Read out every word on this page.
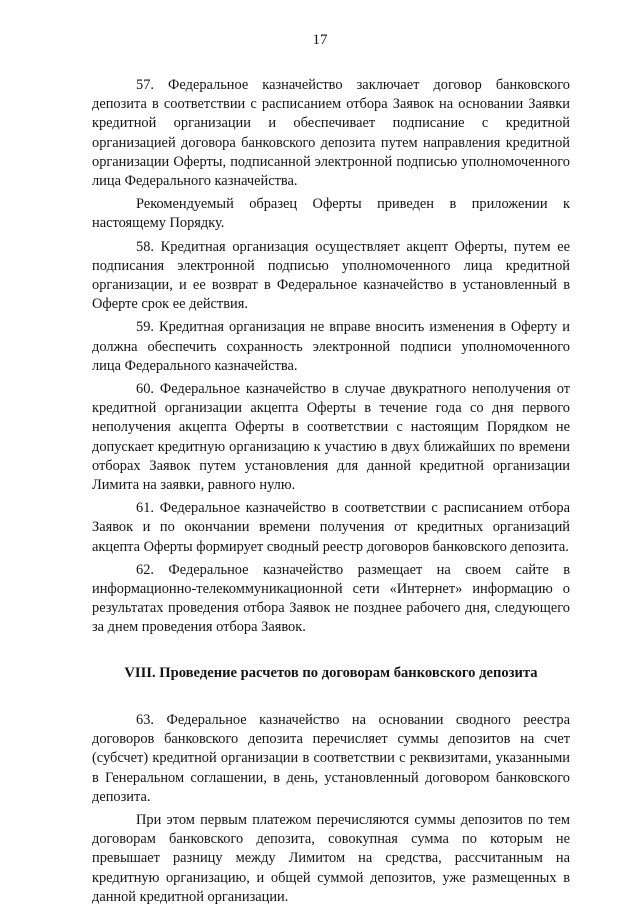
17

57. Федеральное казначейство заключает договор банковского депозита в соответствии с расписанием отбора Заявок на основании Заявки кредитной организации и обеспечивает подписание с кредитной организацией договора банковского депозита путем направления кредитной организации Оферты, подписанной электронной подписью уполномоченного лица Федерального казначейства.

Рекомендуемый образец Оферты приведен в приложении к настоящему Порядку.

58. Кредитная организация осуществляет акцепт Оферты, путем ее подписания электронной подписью уполномоченного лица кредитной организации, и ее возврат в Федеральное казначейство в установленный в Оферте срок ее действия.

59. Кредитная организация не вправе вносить изменения в Оферту и должна обеспечить сохранность электронной подписи уполномоченного лица Федерального казначейства.

60. Федеральное казначейство в случае двукратного неполучения от кредитной организации акцепта Оферты в течение года со дня первого неполучения акцепта Оферты в соответствии с настоящим Порядком не допускает кредитную организацию к участию в двух ближайших по времени отборах Заявок путем установления для данной кредитной организации Лимита на заявки, равного нулю.

61. Федеральное казначейство в соответствии с расписанием отбора Заявок и по окончании времени получения от кредитных организаций акцепта Оферты формирует сводный реестр договоров банковского депозита.

62. Федеральное казначейство размещает на своем сайте в информационно-телекоммуникационной сети «Интернет» информацию о результатах проведения отбора Заявок не позднее рабочего дня, следующего за днем проведения отбора Заявок.

VIII. Проведение расчетов по договорам банковского депозита

63. Федеральное казначейство на основании сводного реестра договоров банковского депозита перечисляет суммы депозитов на счет (субсчет) кредитной организации в соответствии с реквизитами, указанными в Генеральном соглашении, в день, установленный договором банковского депозита.

При этом первым платежом перечисляются суммы депозитов по тем договорам банковского депозита, совокупная сумма по которым не превышает разницу между Лимитом на средства, рассчитанным на кредитную организацию, и общей суммой депозитов, уже размещенных в данной кредитной организации.
